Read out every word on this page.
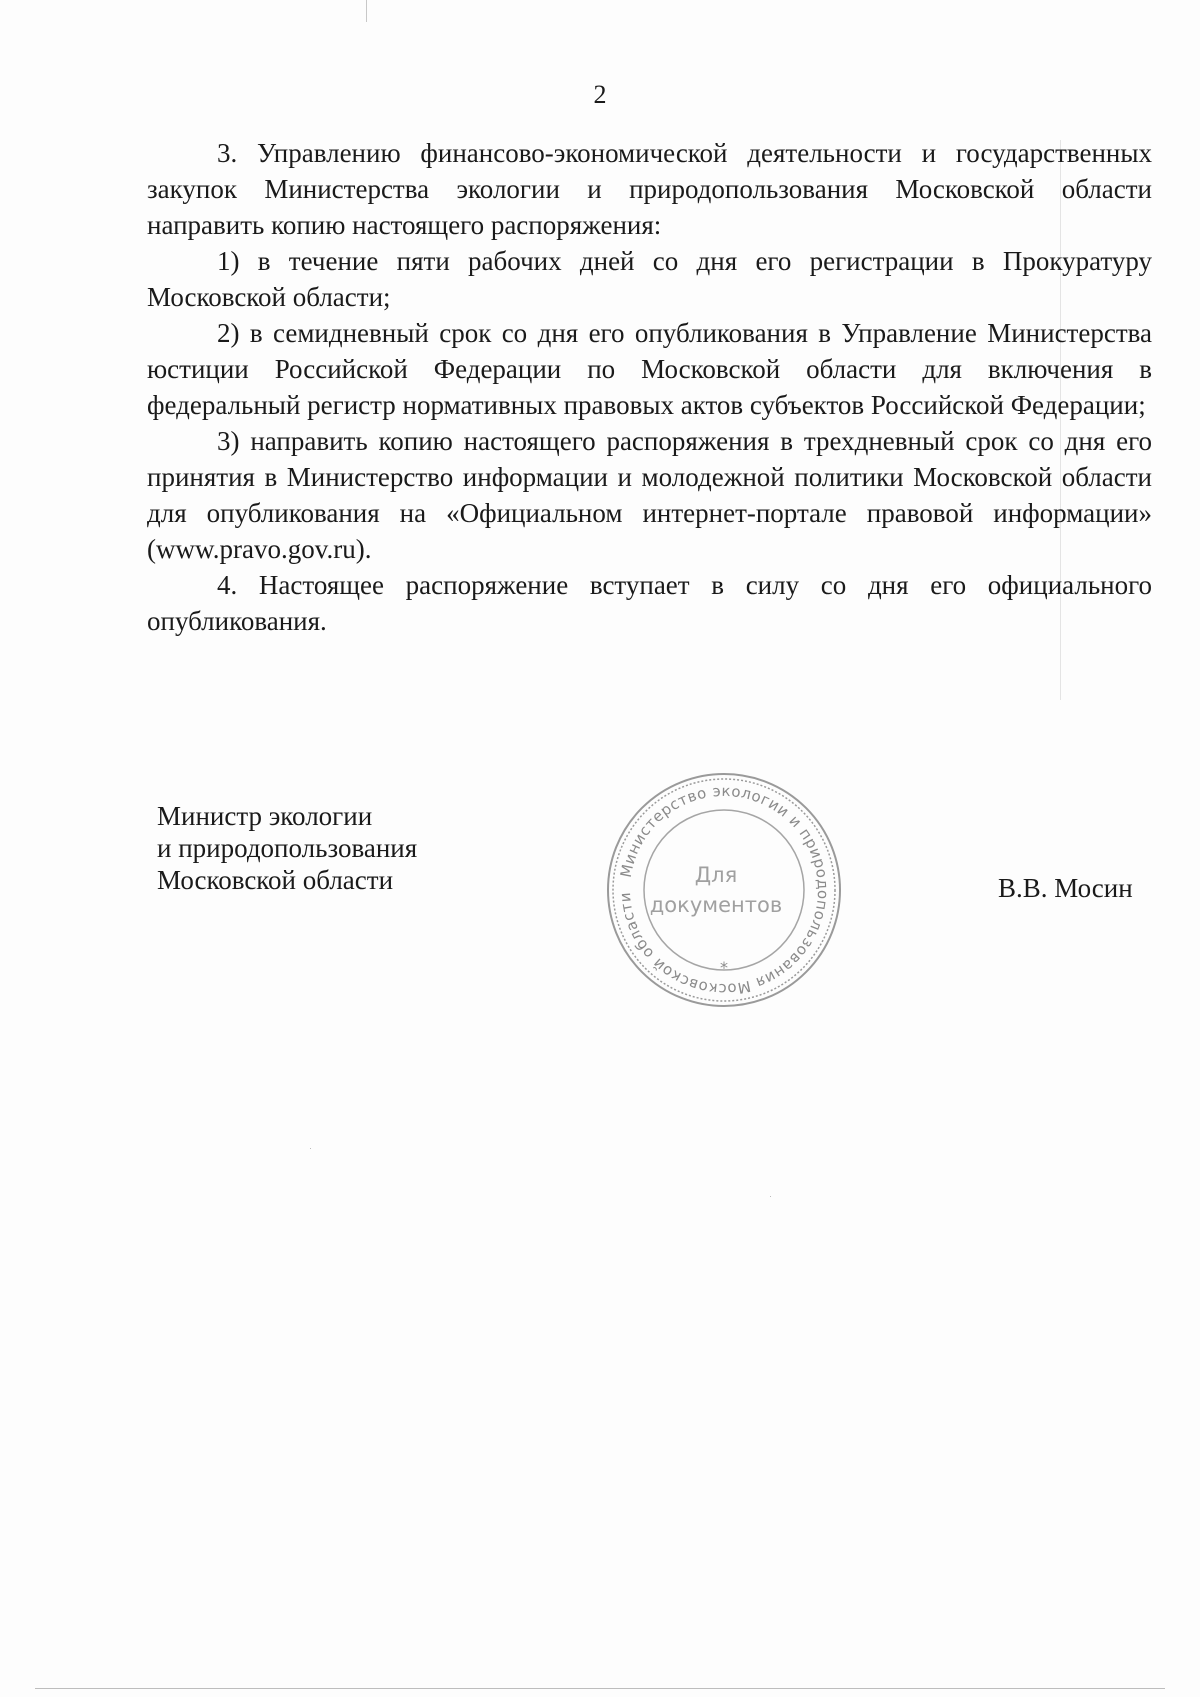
2

3. Управлению финансово-экономической деятельности и государственных закупок Министерства экологии и природопользования Московской области направить копию настоящего распоряжения:

1) в течение пяти рабочих дней со дня его регистрации в Прокуратуру Московской области;

2) в семидневный срок со дня его опубликования в Управление Министерства юстиции Российской Федерации по Московской области для включения в федеральный регистр нормативных правовых актов субъектов Российской Федерации;

3) направить копию настоящего распоряжения в трехдневный срок со дня его принятия в Министерство информации и молодежной политики Московской области для опубликования на «Официальном интернет-портале правовой информации» (www.pravo.gov.ru).

4. Настоящее распоряжение вступает в силу со дня его официального опубликования.

Министр экологии
и природопользования
Московской области	Министерство экологии и природопользования Московской области
*
Для
документов
В.В. Мосин
